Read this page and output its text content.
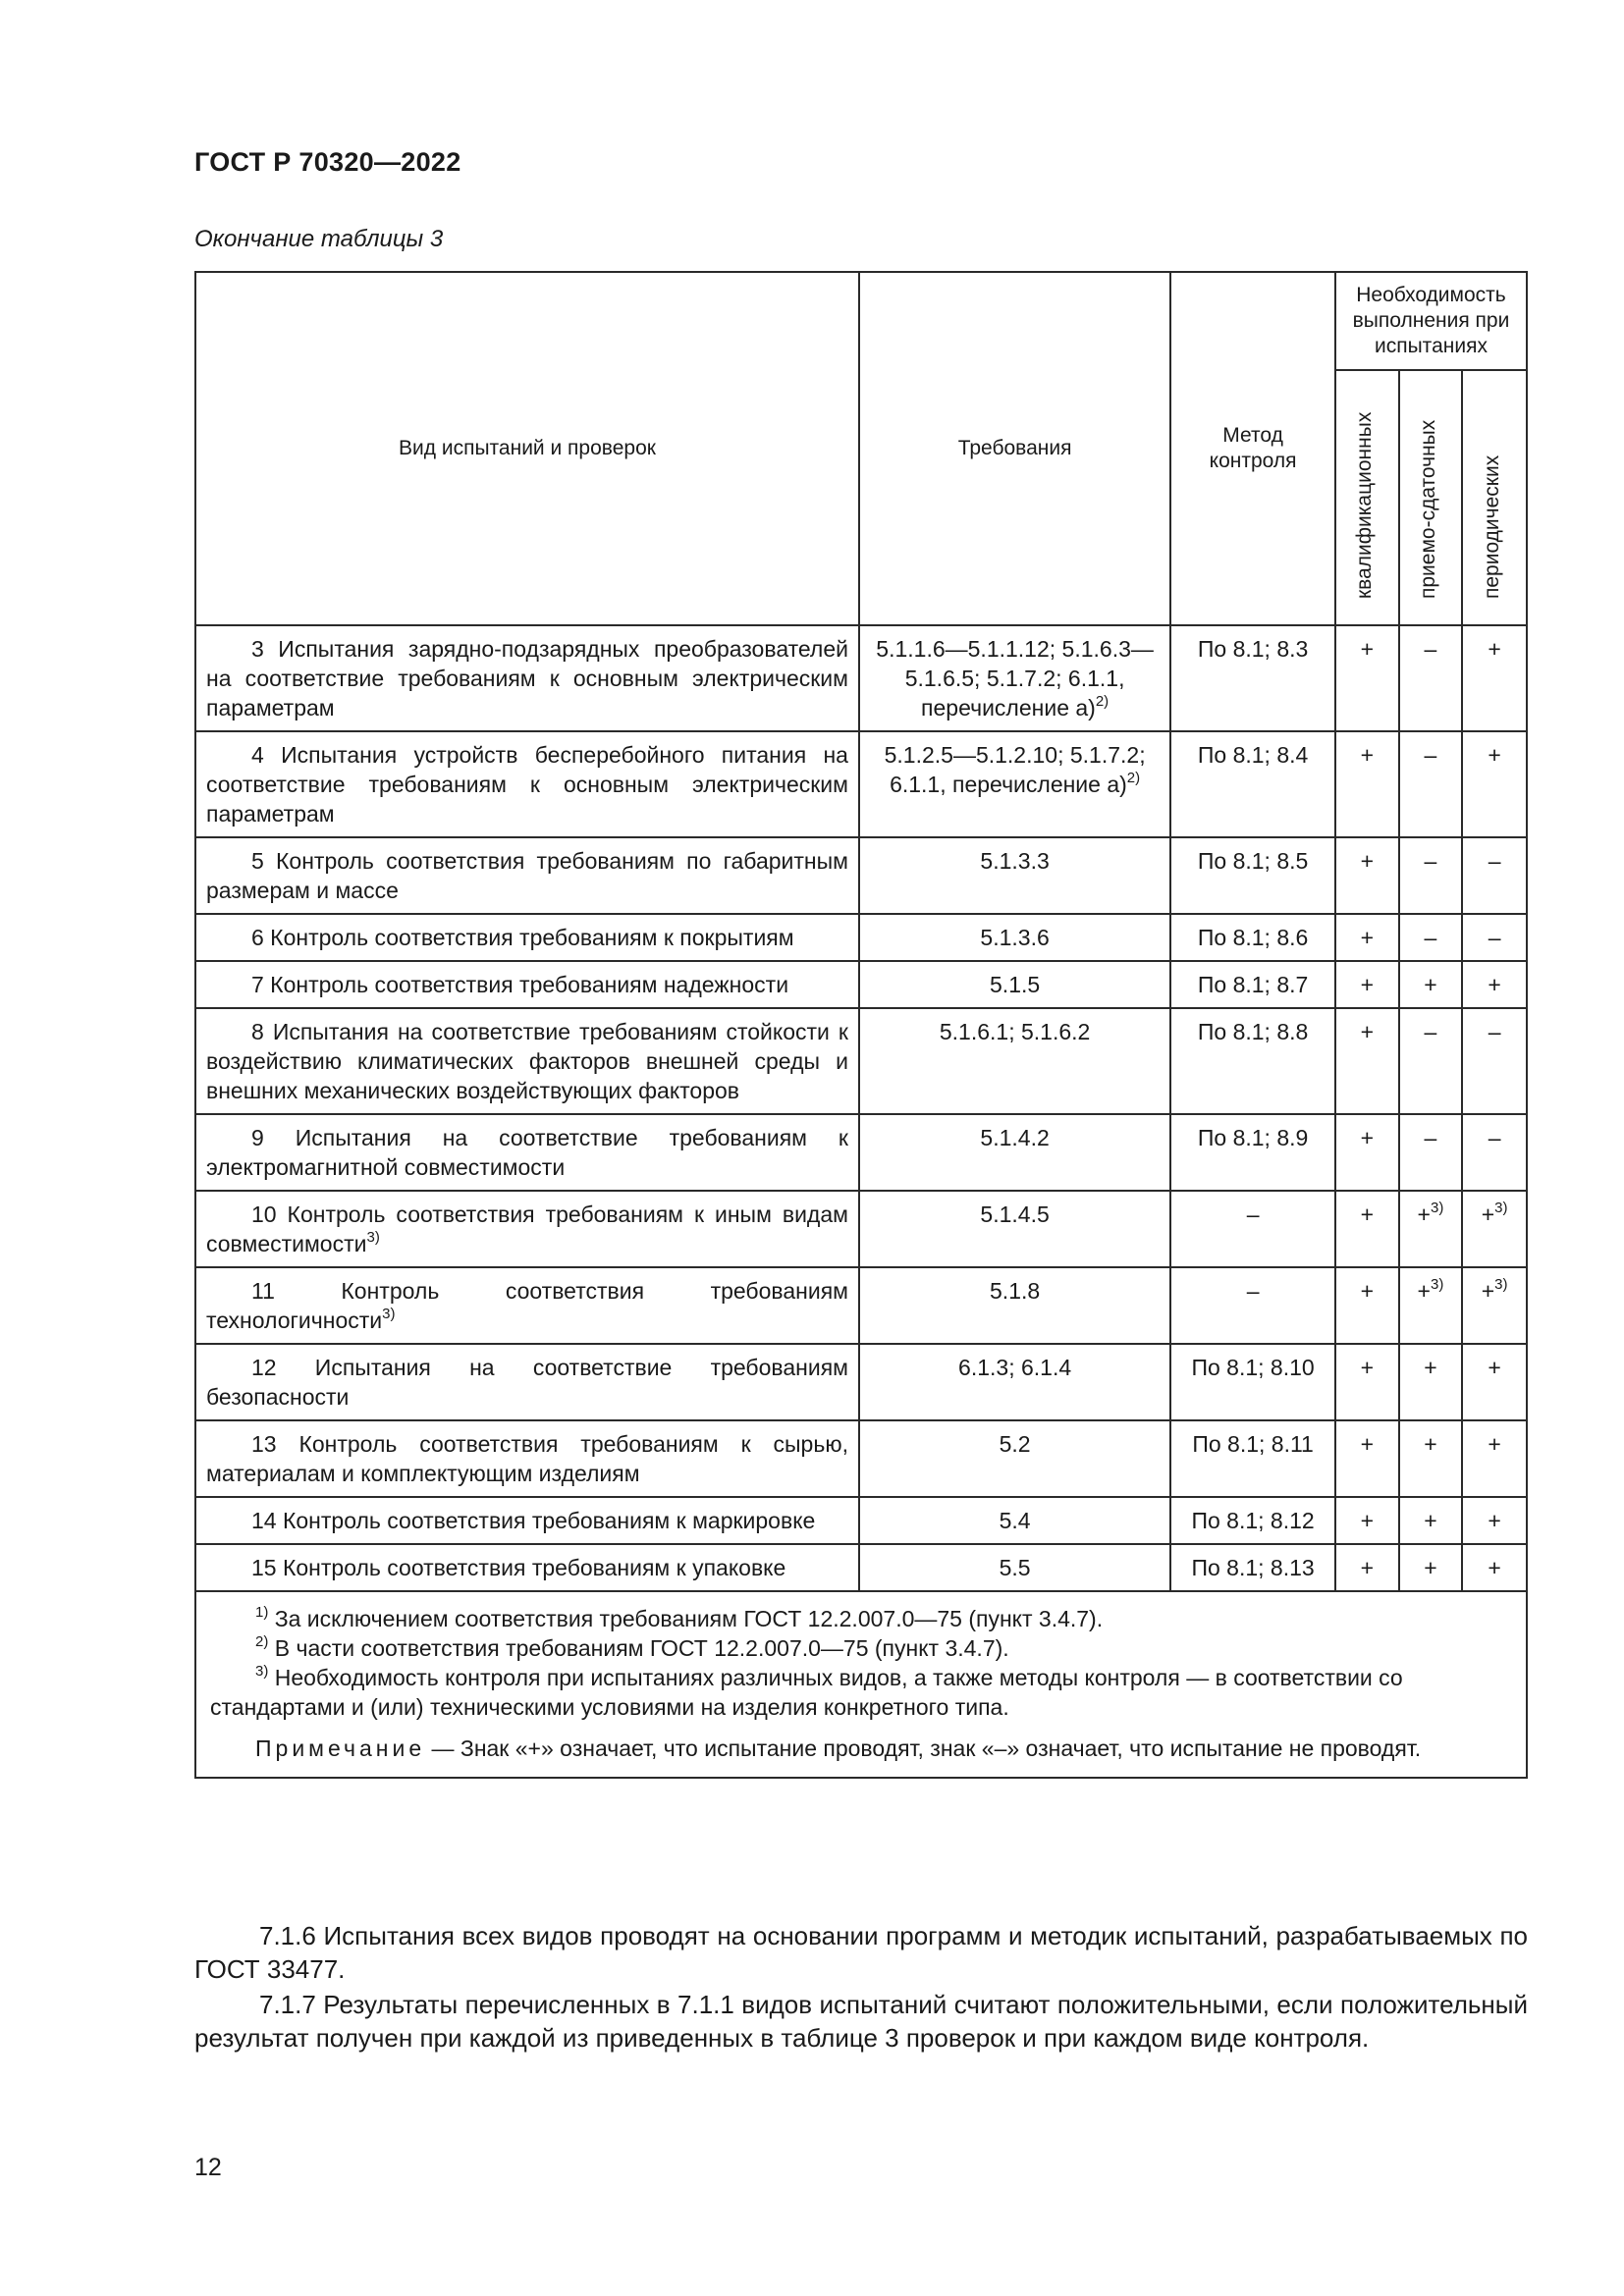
ГОСТ Р 70320—2022
Окончание таблицы 3
Вид испытаний и проверок	Требования	Метод контроля	Необходимость выполнения при испытаниях		

			квалификационных	приемо-сдаточных	периодических

3 Испытания зарядно-подзарядных преобразователей на соответствие требованиям к основным электрическим параметрам	5.1.1.6—5.1.1.12; 5.1.6.3—5.1.6.5; 5.1.7.2; 6.1.1, перечисление а)$^{2)}$	По 8.1; 8.3	+	–	+

4 Испытания устройств бесперебойного питания на соответствие требованиям к основным электрическим параметрам	5.1.2.5—5.1.2.10; 5.1.7.2; 6.1.1, перечисление а)$^{2)}$	По 8.1; 8.4	+	–	+

5 Контроль соответствия требованиям по габаритным размерам и массе	5.1.3.3	По 8.1; 8.5	+	–	–

6 Контроль соответствия требованиям к покрытиям	5.1.3.6	По 8.1; 8.6	+	–	–

7 Контроль соответствия требованиям надежности	5.1.5	По 8.1; 8.7	+	+	+

8 Испытания на соответствие требованиям стойкости к воздействию климатических факторов внешней среды и внешних механических воздействующих факторов	5.1.6.1; 5.1.6.2	По 8.1; 8.8	+	–	–

9 Испытания на соответствие требованиям к электромагнитной совместимости	5.1.4.2	По 8.1; 8.9	+	–	–

10 Контроль соответствия требованиям к иным видам совместимости$^{3)}$	5.1.4.5	–	+	+$^{3)}$	+$^{3)}$

11 Контроль соответствия требованиям технологичности$^{3)}$	5.1.8	–	+	+$^{3)}$	+$^{3)}$

12 Испытания на соответствие требованиям безопасности	6.1.3; 6.1.4	По 8.1; 8.10	+	+	+

13 Контроль соответствия требованиям к сырью, материалам и комплектующим изделиям	5.2	По 8.1; 8.11	+	+	+

14 Контроль соответствия требованиям к маркировке	5.4	По 8.1; 8.12	+	+	+

15 Контроль соответствия требованиям к упаковке	5.5	По 8.1; 8.13	+	+	+

$^{1)}$ За исключением соответствия требованиям ГОСТ 12.2.007.0—75 (пункт 3.4.7).
$^{2)}$ В части соответствия требованиям ГОСТ 12.2.007.0—75 (пункт 3.4.7).
$^{3)}$ Необходимость контроля при испытаниях различных видов, а также методы контроля — в соответствии со стандартами и (или) техническими условиями на изделия конкретного типа.
Примечание — Знак «+» означает, что испытание проводят, знак «–» означает, что испытание не проводят.					
7.1.6 Испытания всех видов проводят на основании программ и методик испытаний, разрабатываемых по ГОСТ 33477.
7.1.7 Результаты перечисленных в 7.1.1 видов испытаний считают положительными, если положительный результат получен при каждой из приведенных в таблице 3 проверок и при каждом виде контроля.
12
